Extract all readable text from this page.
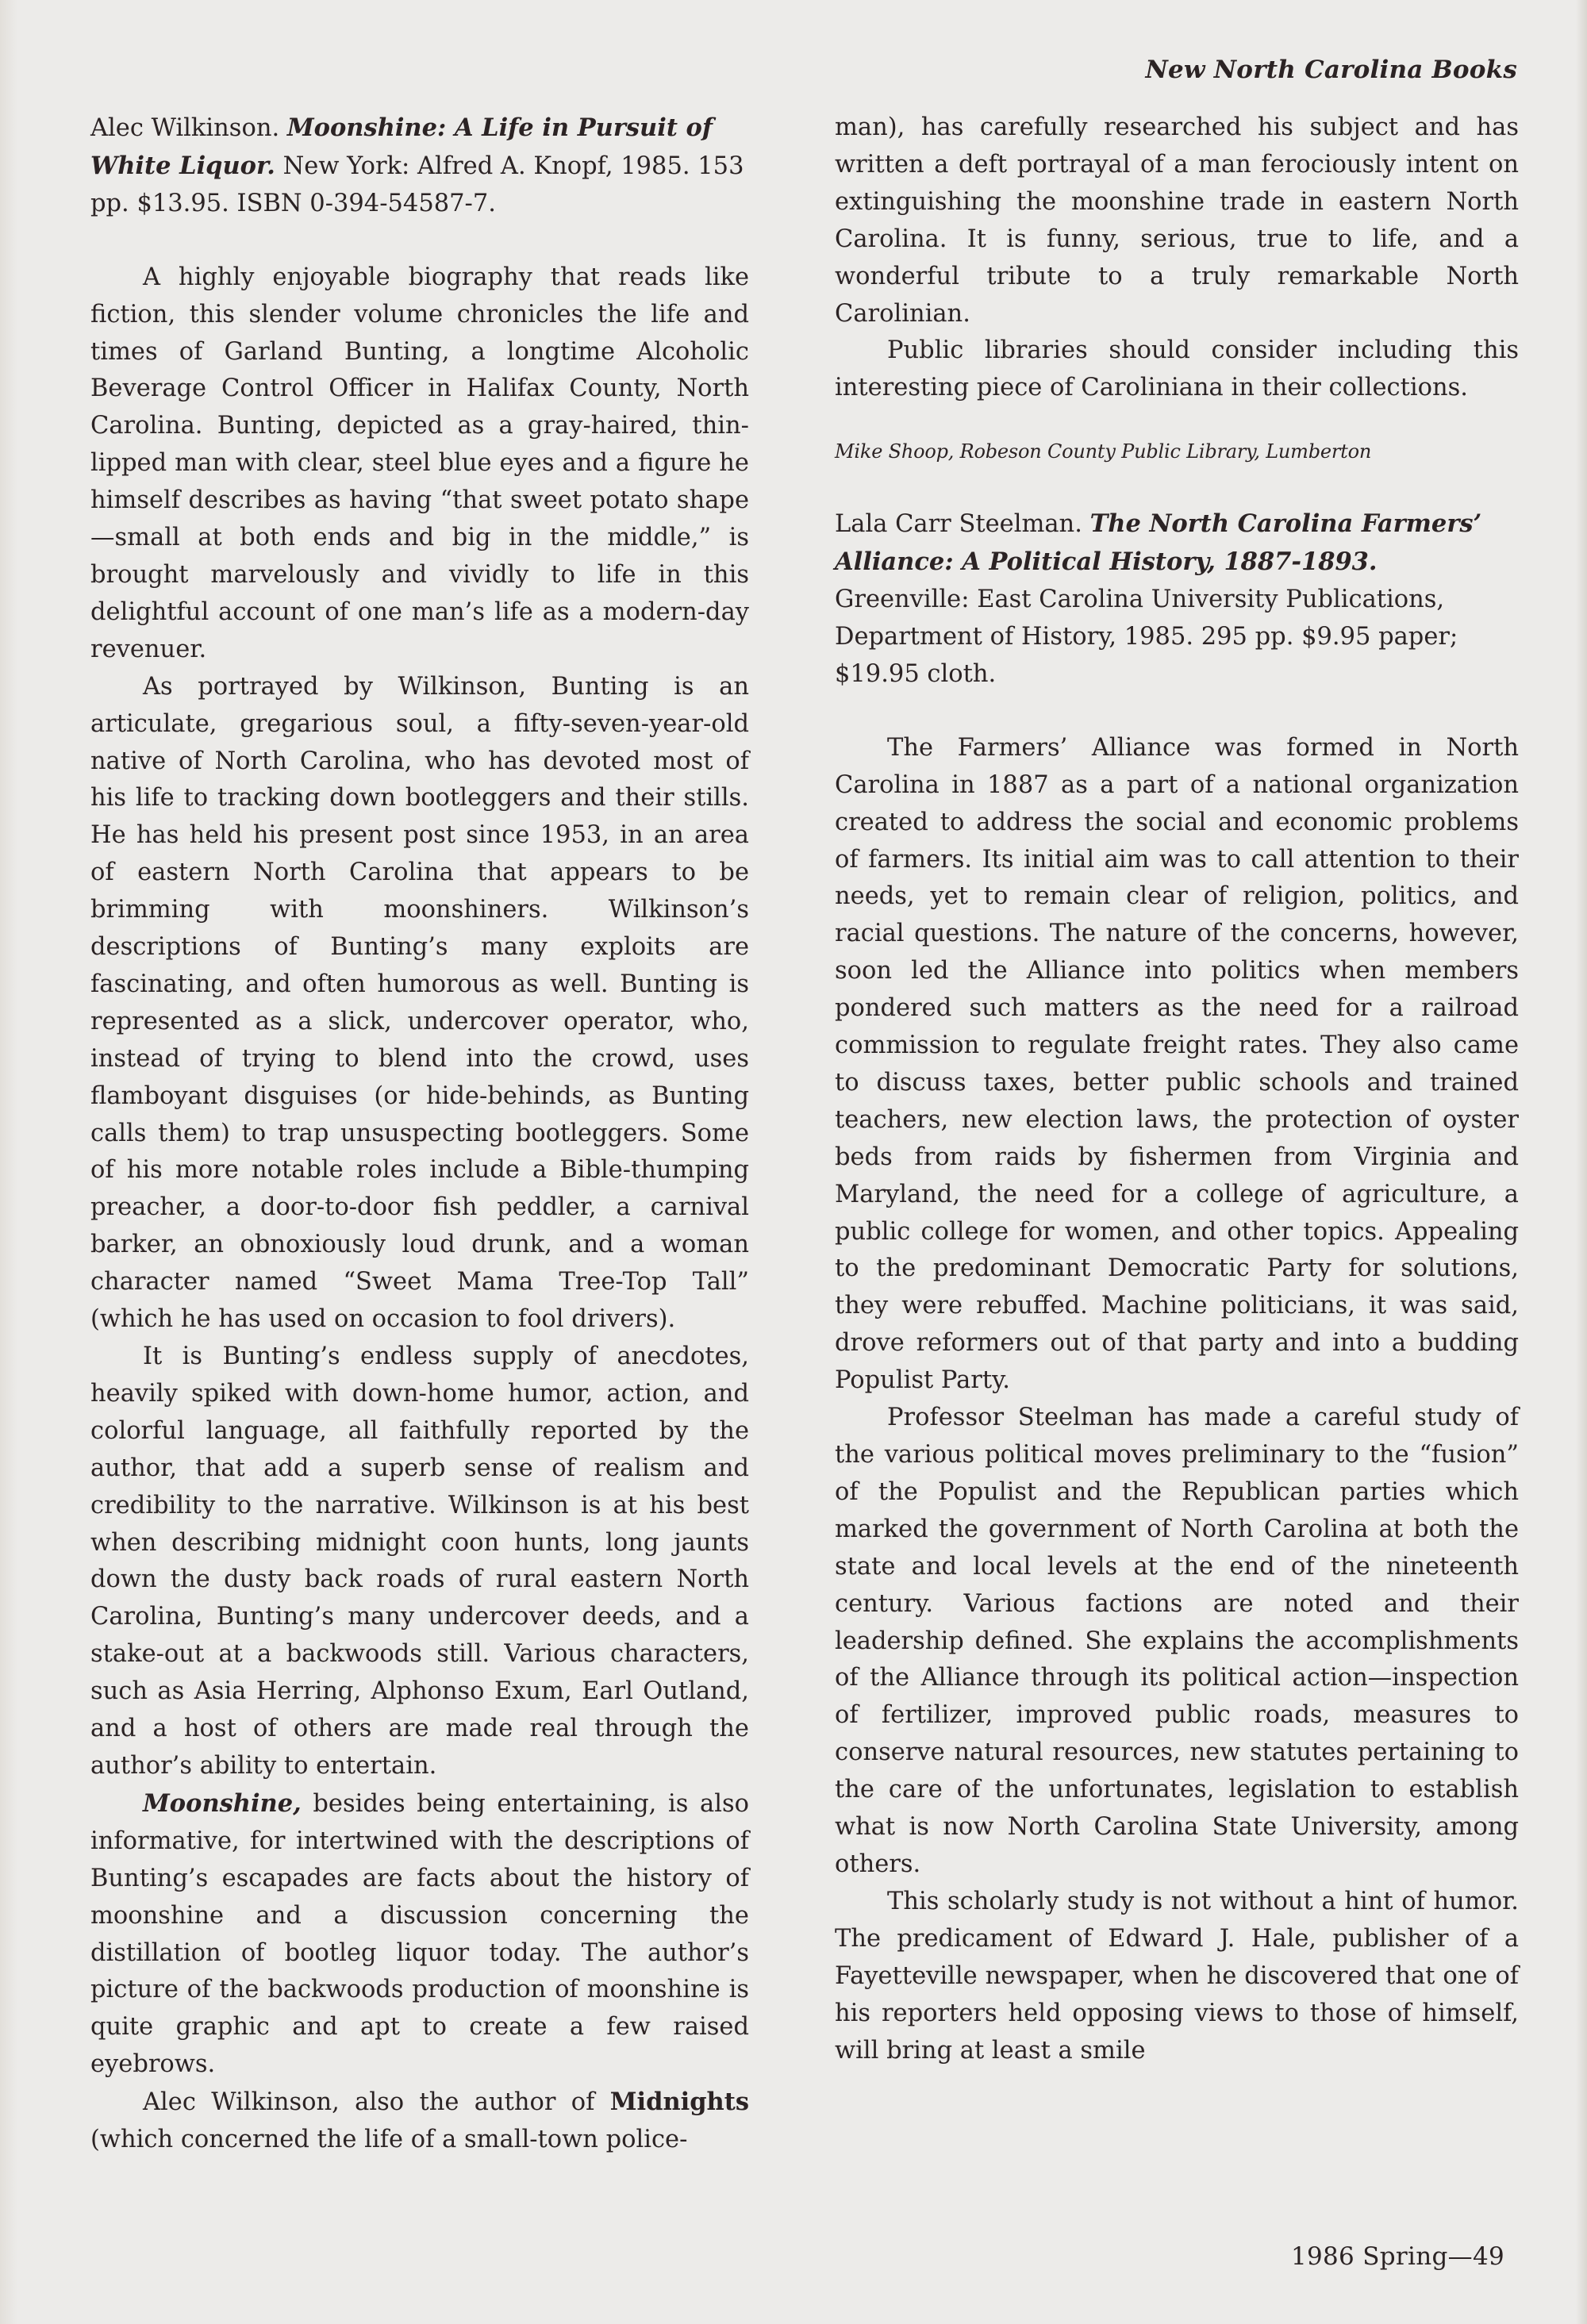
New North Carolina Books

Alec Wilkinson. Moonshine: A Life in Pursuit of White Liquor. New York: Alfred A. Knopf, 1985. 153 pp. $13.95. ISBN 0-394-54587-7.

A highly enjoyable biography that reads like fiction, this slender volume chronicles the life and times of Garland Bunting, a longtime Alcoholic Beverage Control Officer in Halifax County, North Carolina. Bunting, depicted as a gray-haired, thin-lipped man with clear, steel blue eyes and a figure he himself describes as having “that sweet potato shape—small at both ends and big in the middle,” is brought marvelously and vividly to life in this delightful account of one man’s life as a modern-day revenuer.

As portrayed by Wilkinson, Bunting is an articulate, gregarious soul, a fifty-seven-year-old native of North Carolina, who has devoted most of his life to tracking down bootleggers and their stills. He has held his present post since 1953, in an area of eastern North Carolina that appears to be brimming with moonshiners. Wilkinson’s descriptions of Bunting’s many exploits are fascinating, and often humorous as well. Bunting is represented as a slick, undercover operator, who, instead of trying to blend into the crowd, uses flamboyant disguises (or hide-behinds, as Bunting calls them) to trap unsuspecting bootleggers. Some of his more notable roles include a Bible-thumping preacher, a door-to-door fish peddler, a carnival barker, an obnoxiously loud drunk, and a woman character named “Sweet Mama Tree-Top Tall” (which he has used on occasion to fool drivers).

It is Bunting’s endless supply of anecdotes, heavily spiked with down-home humor, action, and colorful language, all faithfully reported by the author, that add a superb sense of realism and credibility to the narrative. Wilkinson is at his best when describing midnight coon hunts, long jaunts down the dusty back roads of rural eastern North Carolina, Bunting’s many undercover deeds, and a stake-out at a backwoods still. Various characters, such as Asia Herring, Alphonso Exum, Earl Outland, and a host of others are made real through the author’s ability to entertain.

Moonshine, besides being entertaining, is also informative, for intertwined with the descriptions of Bunting’s escapades are facts about the history of moonshine and a discussion concerning the distillation of bootleg liquor today. The author’s picture of the backwoods production of moonshine is quite graphic and apt to create a few raised eyebrows.

Alec Wilkinson, also the author of Midnights (which concerned the life of a small-town police-

man), has carefully researched his subject and has written a deft portrayal of a man ferociously intent on extinguishing the moonshine trade in eastern North Carolina. It is funny, serious, true to life, and a wonderful tribute to a truly remarkable North Carolinian.

Public libraries should consider including this interesting piece of Caroliniana in their collections.

Mike Shoop, Robeson County Public Library, Lumberton

Lala Carr Steelman. The North Carolina Farmers’ Alliance: A Political History, 1887-1893. Greenville: East Carolina University Publications, Department of History, 1985. 295 pp. $9.95 paper; $19.95 cloth.

The Farmers’ Alliance was formed in North Carolina in 1887 as a part of a national organization created to address the social and economic problems of farmers. Its initial aim was to call attention to their needs, yet to remain clear of religion, politics, and racial questions. The nature of the concerns, however, soon led the Alliance into politics when members pondered such matters as the need for a railroad commission to regulate freight rates. They also came to discuss taxes, better public schools and trained teachers, new election laws, the protection of oyster beds from raids by fishermen from Virginia and Maryland, the need for a college of agriculture, a public college for women, and other topics. Appealing to the predominant Democratic Party for solutions, they were rebuffed. Machine politicians, it was said, drove reformers out of that party and into a budding Populist Party.

Professor Steelman has made a careful study of the various political moves preliminary to the “fusion” of the Populist and the Republican parties which marked the government of North Carolina at both the state and local levels at the end of the nineteenth century. Various factions are noted and their leadership defined. She explains the accomplishments of the Alliance through its political action—inspection of fertilizer, improved public roads, measures to conserve natural resources, new statutes pertaining to the care of the unfortunates, legislation to establish what is now North Carolina State University, among others.

This scholarly study is not without a hint of humor. The predicament of Edward J. Hale, publisher of a Fayetteville newspaper, when he discovered that one of his reporters held opposing views to those of himself, will bring at least a smile

1986 Spring—49
